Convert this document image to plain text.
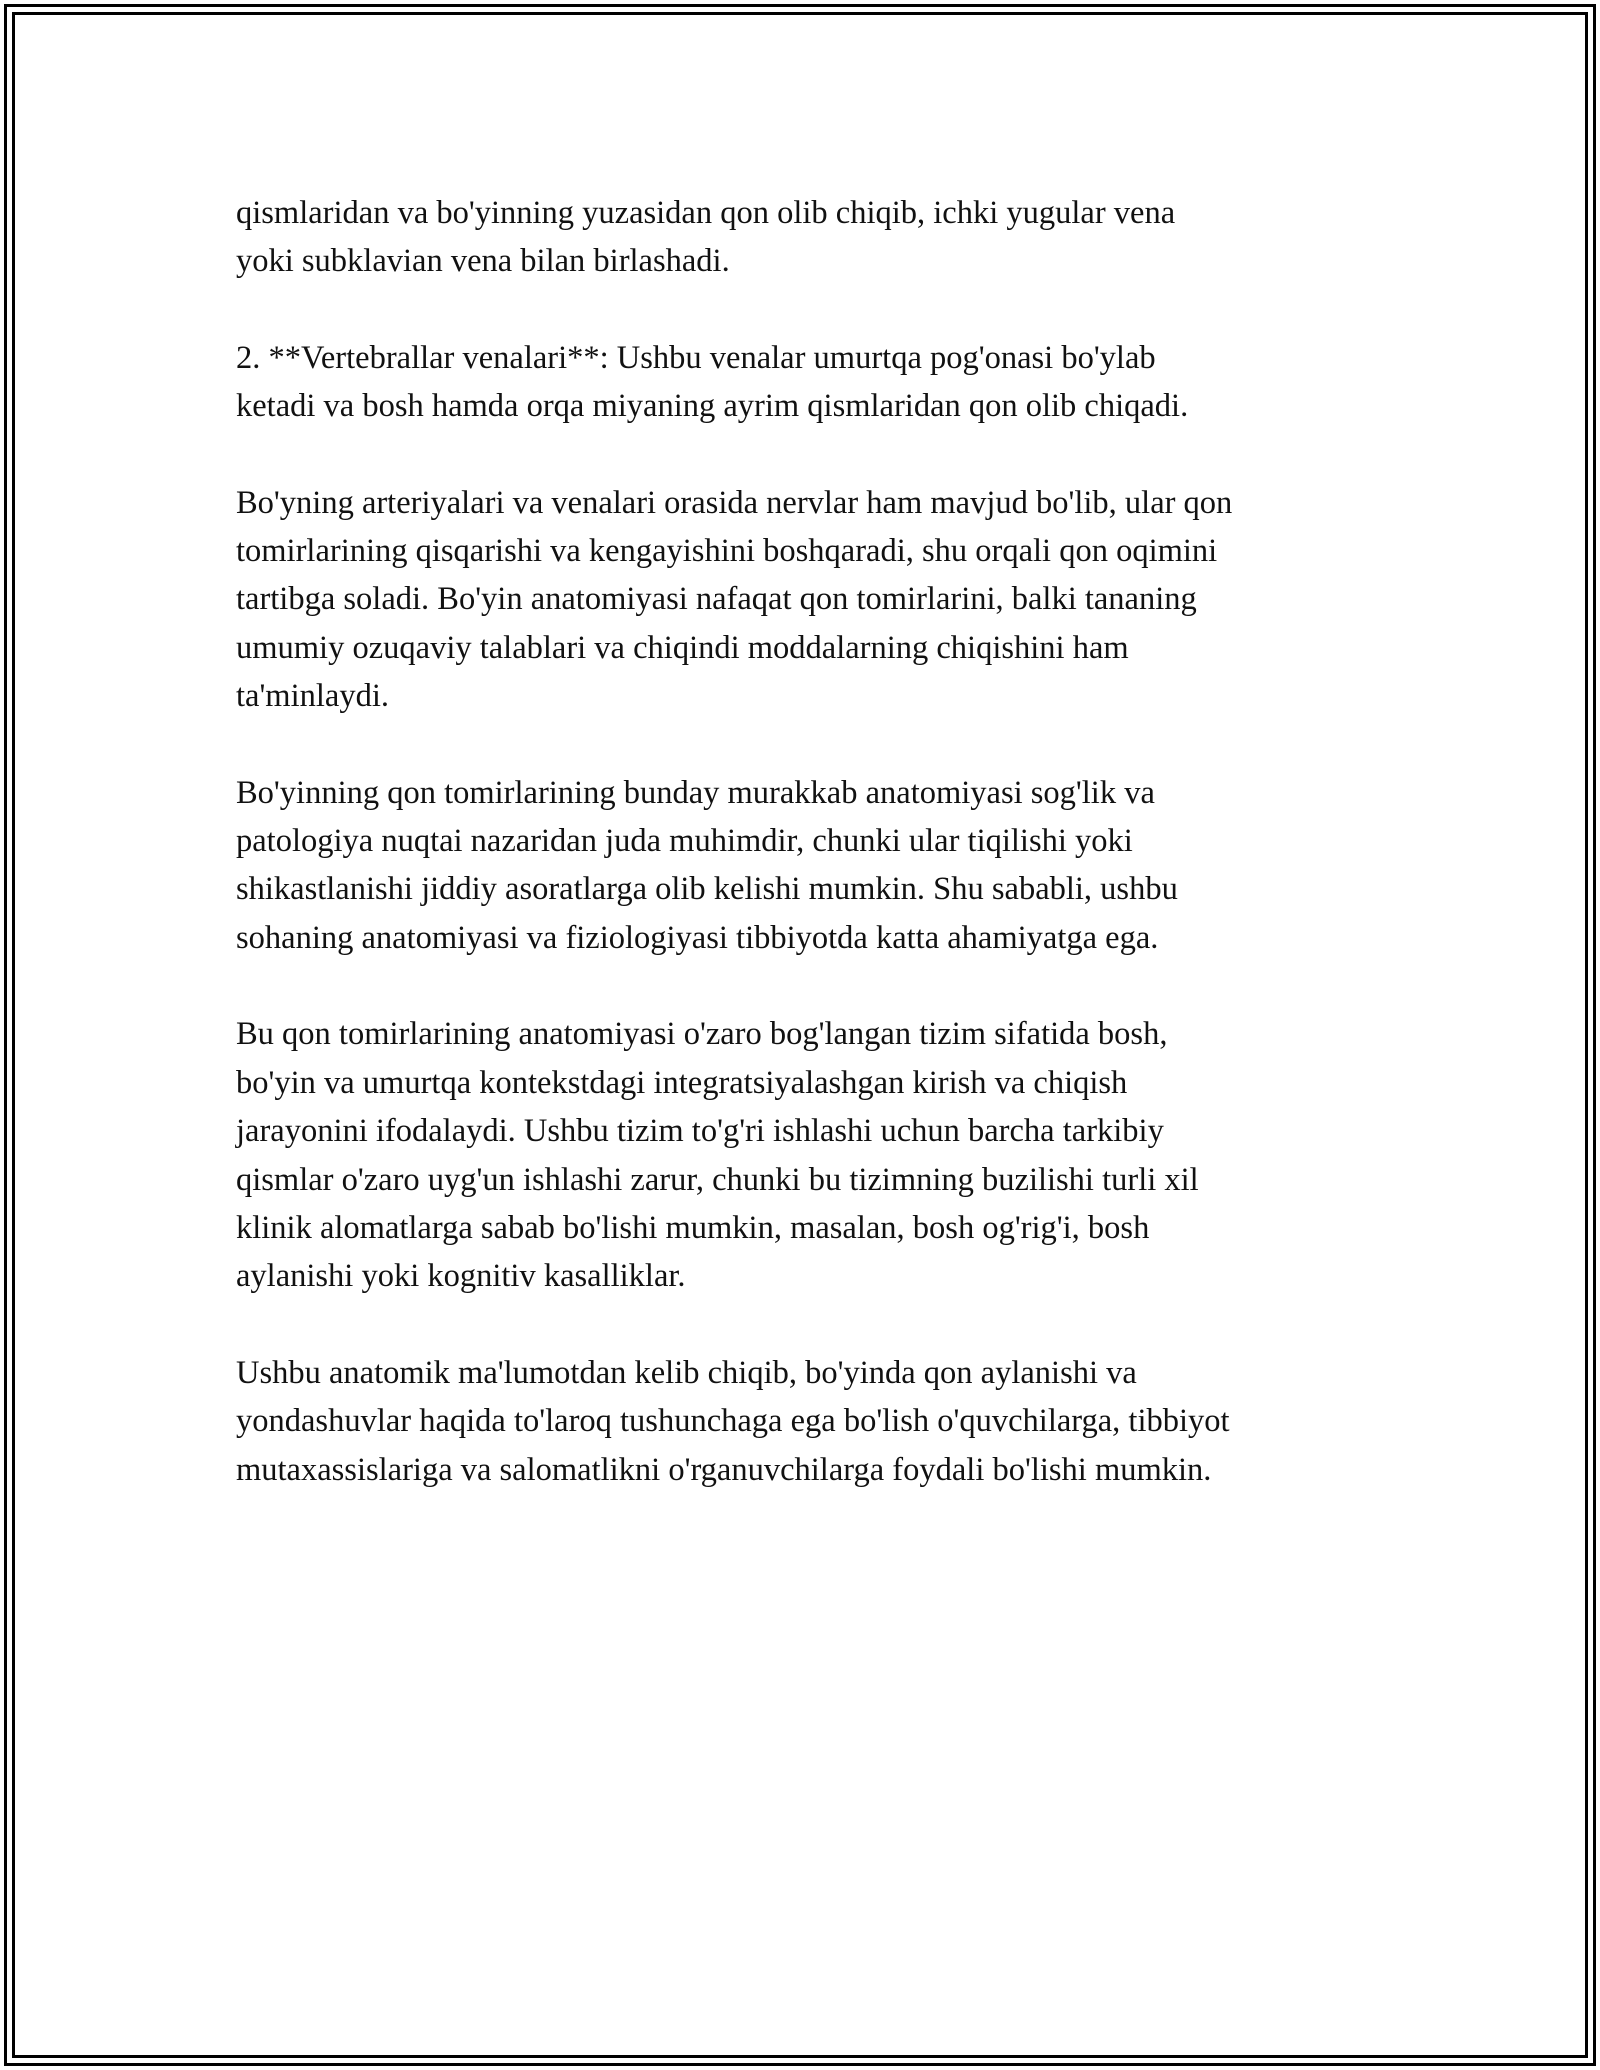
qismlaridan va bo'yinning yuzasidan qon olib chiqib, ichki yugular vena
yoki subklavian vena bilan birlashadi.

2. **Vertebrallar venalari**: Ushbu venalar umurtqa pog'onasi bo'ylab
ketadi va bosh hamda orqa miyaning ayrim qismlaridan qon olib chiqadi.

Bo'yning arteriyalari va venalari orasida nervlar ham mavjud bo'lib, ular qon
tomirlarining qisqarishi va kengayishini boshqaradi, shu orqali qon oqimini
tartibga soladi. Bo'yin anatomiyasi nafaqat qon tomirlarini, balki tananing
umumiy ozuqaviy talablari va chiqindi moddalarning chiqishini ham
ta'minlaydi.

Bo'yinning qon tomirlarining bunday murakkab anatomiyasi sog'lik va
patologiya nuqtai nazaridan juda muhimdir, chunki ular tiqilishi yoki
shikastlanishi jiddiy asoratlarga olib kelishi mumkin. Shu sababli, ushbu
sohaning anatomiyasi va fiziologiyasi tibbiyotda katta ahamiyatga ega.

Bu qon tomirlarining anatomiyasi o'zaro bog'langan tizim sifatida bosh,
bo'yin va umurtqa kontekstdagi integratsiyalashgan kirish va chiqish
jarayonini ifodalaydi. Ushbu tizim to'g'ri ishlashi uchun barcha tarkibiy
qismlar o'zaro uyg'un ishlashi zarur, chunki bu tizimning buzilishi turli xil
klinik alomatlarga sabab bo'lishi mumkin, masalan, bosh og'rig'i, bosh
aylanishi yoki kognitiv kasalliklar.

Ushbu anatomik ma'lumotdan kelib chiqib, bo'yinda qon aylanishi va
yondashuvlar haqida to'laroq tushunchaga ega bo'lish o'quvchilarga, tibbiyot
mutaxassislariga va salomatlikni o'rganuvchilarga foydali bo'lishi mumkin.
